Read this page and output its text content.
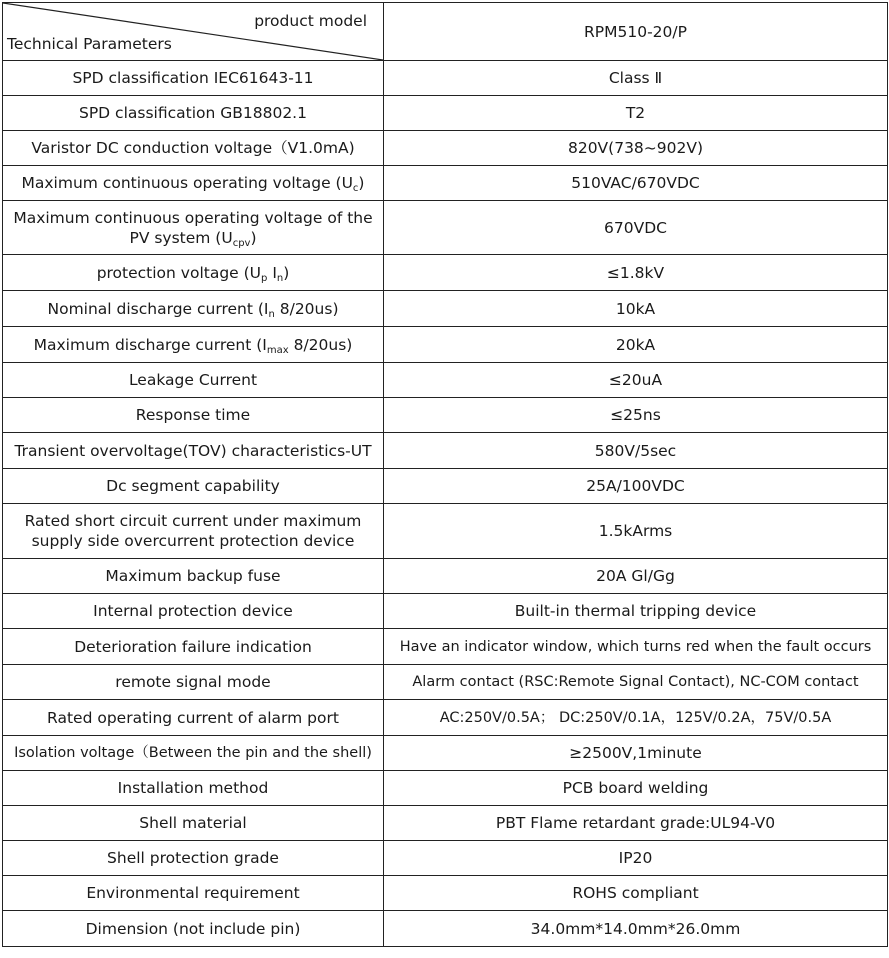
product model
Technical Parameters	RPM510-20/P
SPD classification IEC61643-11	Class Ⅱ
SPD classification GB18802.1	T2
Varistor DC conduction voltage（V1.0mA)	820V(738~902V)
Maximum continuous operating voltage $(U_c)$	510VAC/670VDC
Maximum continuous operating voltage of the PV system $(U_{cpv})$	670VDC
protection voltage ($U_p$ $I_n$)	≤1.8kV
Nominal discharge current ($I_n$ 8/20us)	10kA
Maximum discharge current ($I_{max}$ 8/20us)	20kA
Leakage Current	≤20uA
Response time	≤25ns
Transient overvoltage(TOV) characteristics-UT	580V/5sec
Dc segment capability	25A/100VDC
Rated short circuit current under maximum supply side overcurrent protection device	1.5kArms
Maximum backup fuse	20A Gl/Gg
Internal protection device	Built-in thermal tripping device
Deterioration failure indication	Have an indicator window, which turns red when the fault occurs
remote signal mode	Alarm contact (RSC:Remote Signal Contact), NC-COM contact
Rated operating current of alarm port	AC:250V/0.5A； DC:250V/0.1A，125V/0.2A，75V/0.5A
Isolation voltage（Between the pin and the shell)	≥2500V,1minute
Installation method	PCB board welding
Shell material	PBT Flame retardant grade:UL94-V0
Shell protection grade	IP20
Environmental requirement	ROHS compliant
Dimension (not include pin)	34.0mm*14.0mm*26.0mm
